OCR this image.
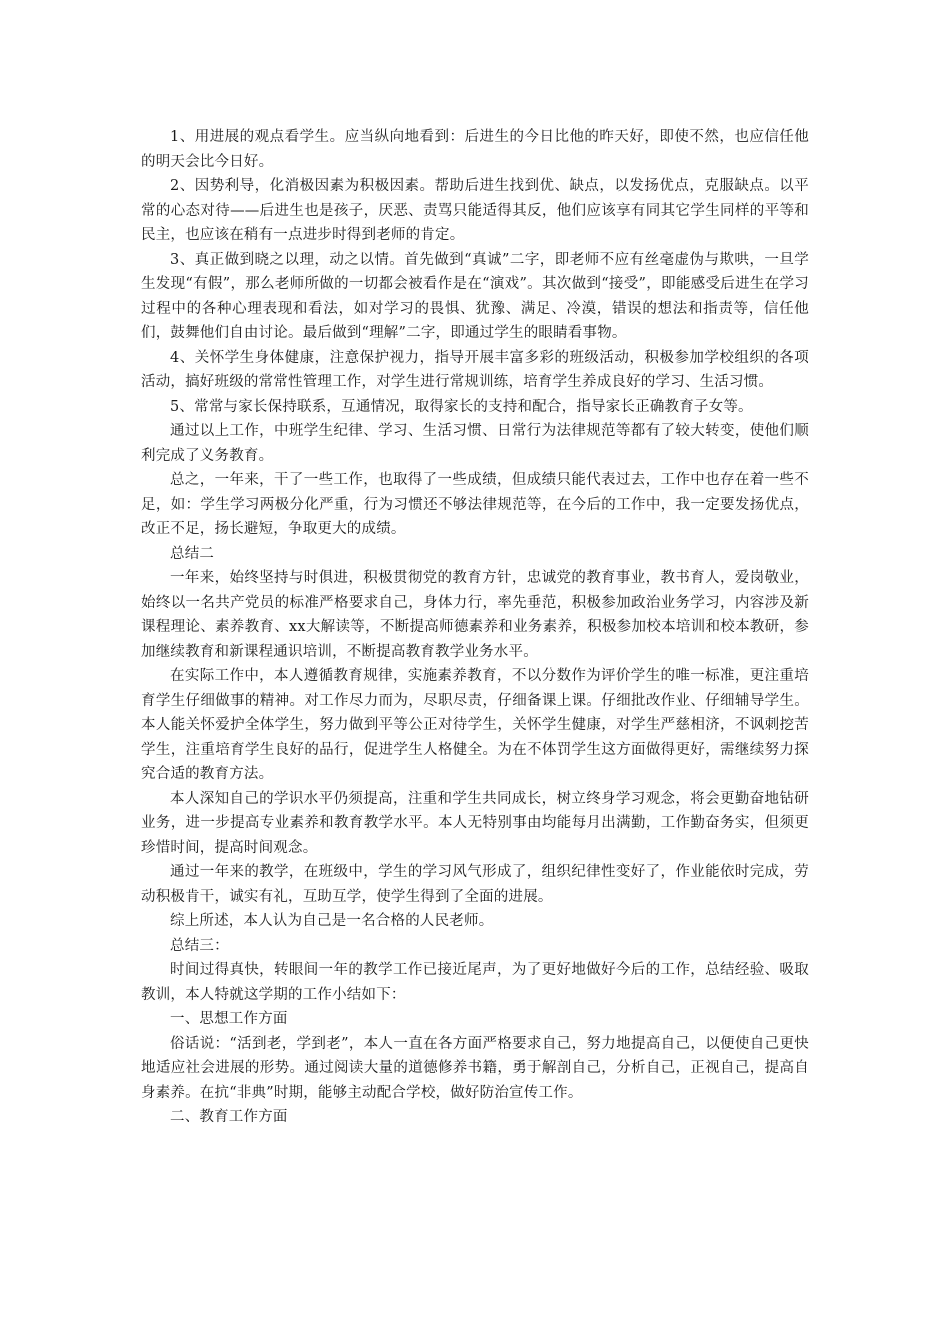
1、用进展的观点看学生。应当纵向地看到：后进生的今日比他的昨天好，即使不然，也应信任他的明天会比今日好。

2、因势利导，化消极因素为积极因素。帮助后进生找到优、缺点，以发扬优点，克服缺点。以平常的心态对待——后进生也是孩子，厌恶、责骂只能适得其反，他们应该享有同其它学生同样的平等和民主，也应该在稍有一点进步时得到老师的肯定。

3、真正做到晓之以理，动之以情。首先做到“真诚”二字，即老师不应有丝毫虚伪与欺哄，一旦学生发现“有假”，那么老师所做的一切都会被看作是在“演戏”。其次做到“接受”，即能感受后进生在学习过程中的各种心理表现和看法，如对学习的畏惧、犹豫、满足、冷漠，错误的想法和指责等，信任他们，鼓舞他们自由讨论。最后做到“理解”二字，即通过学生的眼睛看事物。

4、关怀学生身体健康，注意保护视力，指导开展丰富多彩的班级活动，积极参加学校组织的各项活动，搞好班级的常常性管理工作，对学生进行常规训练，培育学生养成良好的学习、生活习惯。

5、常常与家长保持联系，互通情况，取得家长的支持和配合，指导家长正确教育子女等。

通过以上工作，中班学生纪律、学习、生活习惯、日常行为法律规范等都有了较大转变，使他们顺利完成了义务教育。

总之，一年来，干了一些工作，也取得了一些成绩，但成绩只能代表过去，工作中也存在着一些不足，如：学生学习两极分化严重，行为习惯还不够法律规范等，在今后的工作中，我一定要发扬优点，改正不足，扬长避短，争取更大的成绩。

总结二

一年来，始终坚持与时俱进，积极贯彻党的教育方针，忠诚党的教育事业，教书育人，爱岗敬业，始终以一名共产党员的标准严格要求自己，身体力行，率先垂范，积极参加政治业务学习，内容涉及新课程理论、素养教育、xx大解读等，不断提高师德素养和业务素养，积极参加校本培训和校本教研，参加继续教育和新课程通识培训，不断提高教育教学业务水平。

在实际工作中，本人遵循教育规律，实施素养教育，不以分数作为评价学生的唯一标准，更注重培育学生仔细做事的精神。对工作尽力而为，尽职尽责，仔细备课上课。仔细批改作业、仔细辅导学生。本人能关怀爱护全体学生，努力做到平等公正对待学生，关怀学生健康，对学生严慈相济，不讽刺挖苦学生，注重培育学生良好的品行，促进学生人格健全。为在不体罚学生这方面做得更好，需继续努力探究合适的教育方法。

本人深知自己的学识水平仍须提高，注重和学生共同成长，树立终身学习观念，将会更勤奋地钻研业务，进一步提高专业素养和教育教学水平。本人无特别事由均能每月出满勤，工作勤奋务实，但须更珍惜时间，提高时间观念。

通过一年来的教学，在班级中，学生的学习风气形成了，组织纪律性变好了，作业能依时完成，劳动积极肯干，诚实有礼，互助互学，使学生得到了全面的进展。

综上所述，本人认为自己是一名合格的人民老师。

总结三：

时间过得真快，转眼间一年的教学工作已接近尾声，为了更好地做好今后的工作，总结经验、吸取教训，本人特就这学期的工作小结如下：

一、思想工作方面

俗话说：“活到老，学到老”，本人一直在各方面严格要求自己，努力地提高自己，以便使自己更快地适应社会进展的形势。通过阅读大量的道德修养书籍，勇于解剖自己，分析自己，正视自己，提高自身素养。在抗“非典”时期，能够主动配合学校，做好防治宣传工作。

二、教育工作方面
